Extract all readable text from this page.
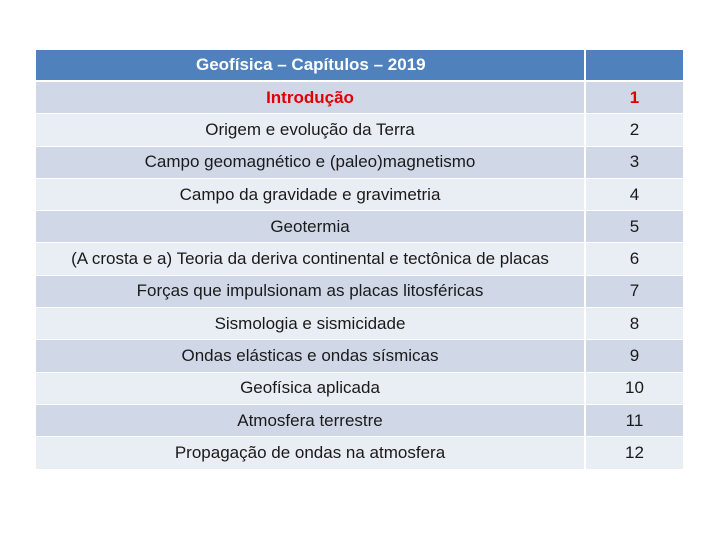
Geofísica – Capítulos – 2019	
Introdução	1
Origem e evolução da Terra	2
Campo geomagnético e (paleo)magnetismo	3
Campo da gravidade e gravimetria	4
Geotermia	5
(A crosta e a) Teoria da deriva continental e tectônica de placas	6
Forças que impulsionam as placas litosféricas	7
Sismologia e sismicidade	8
Ondas elásticas e ondas sísmicas	9
Geofísica aplicada	10
Atmosfera terrestre	11
Propagação de ondas na atmosfera	12
